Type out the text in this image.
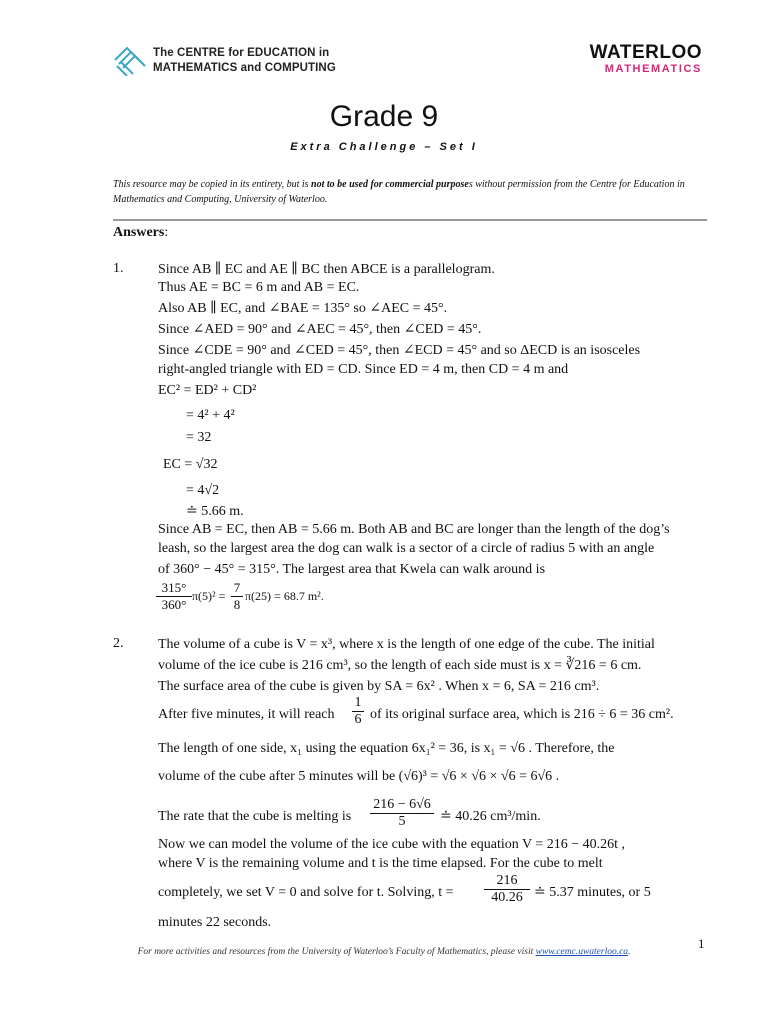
The CENTRE for EDUCATION in
MATHEMATICS and COMPUTING
WATERLOO
MATHEMATICS
Grade 9
Extra Challenge – Set I
This resource may be copied in its entirety, but is not to be used for commercial purposes without permission from the Centre for Education in Mathematics and Computing, University of Waterloo.
Answers:
1. Since AB ∥ EC and AE ∥ BC then ABCE is a parallelogram.
Thus AE = BC = 6 m and AB = EC.
Also AB ∥ EC, and ∠BAE = 135° so ∠AEC = 45°.
Since ∠AED = 90° and ∠AEC = 45°, then ∠CED = 45°.
Since ∠CDE = 90° and ∠CED = 45°, then ∠ECD = 45° and so ΔECD is an isosceles
right-angled triangle with ED = CD. Since ED = 4 m, then CD = 4 m and
EC² = ED² + CD²
= 4² + 4²
= 32
EC = √32
= 4√2
≐ 5.66 m.
Since AB = EC, then AB = 5.66 m. Both AB and BC are longer than the length of the dog’s
leash, so the largest area the dog can walk is a sector of a circle of radius 5 with an angle
of 360° − 45° = 315°. The largest area that Kwela can walk around is
$\frac{315^\circ}{360^\circ} \pi(5)^2 = \frac{7}{8} \pi(25) = 68.7$ m².
2. The volume of a cube is V = x³, where x is the length of one edge of the cube. The initial
volume of the ice cube is 216 cm³, so the length of each side must is x = ∛216 = 6 cm.
The surface area of the cube is given by SA = 6x² . When x = 6, SA = 216 cm³.
After five minutes, it will reach $\frac{1}{6}$ of its original surface area, which is 216 ÷ 6 = 36 cm².
The length of one side, x₁ using the equation 6x₁² = 36, is x₁ = √6 . Therefore, the
volume of the cube after 5 minutes will be (√6)³ = √6 × √6 × √6 = 6√6 .
The rate that the cube is melting is $\frac{216 - 6√6}{5}$ ≐ 40.26 cm³/min.
Now we can model the volume of the ice cube with the equation V = 216 − 40.26t ,
where V is the remaining volume and t is the time elapsed. For the cube to melt
completely, we set V = 0 and solve for t. Solving, $t = \frac{216}{40.26}$ ≐ 5.37 minutes, or 5
minutes 22 seconds.
For more activities and resources from the University of Waterloo’s Faculty of Mathematics, please visit www.cemc.uwaterloo.ca.
1
